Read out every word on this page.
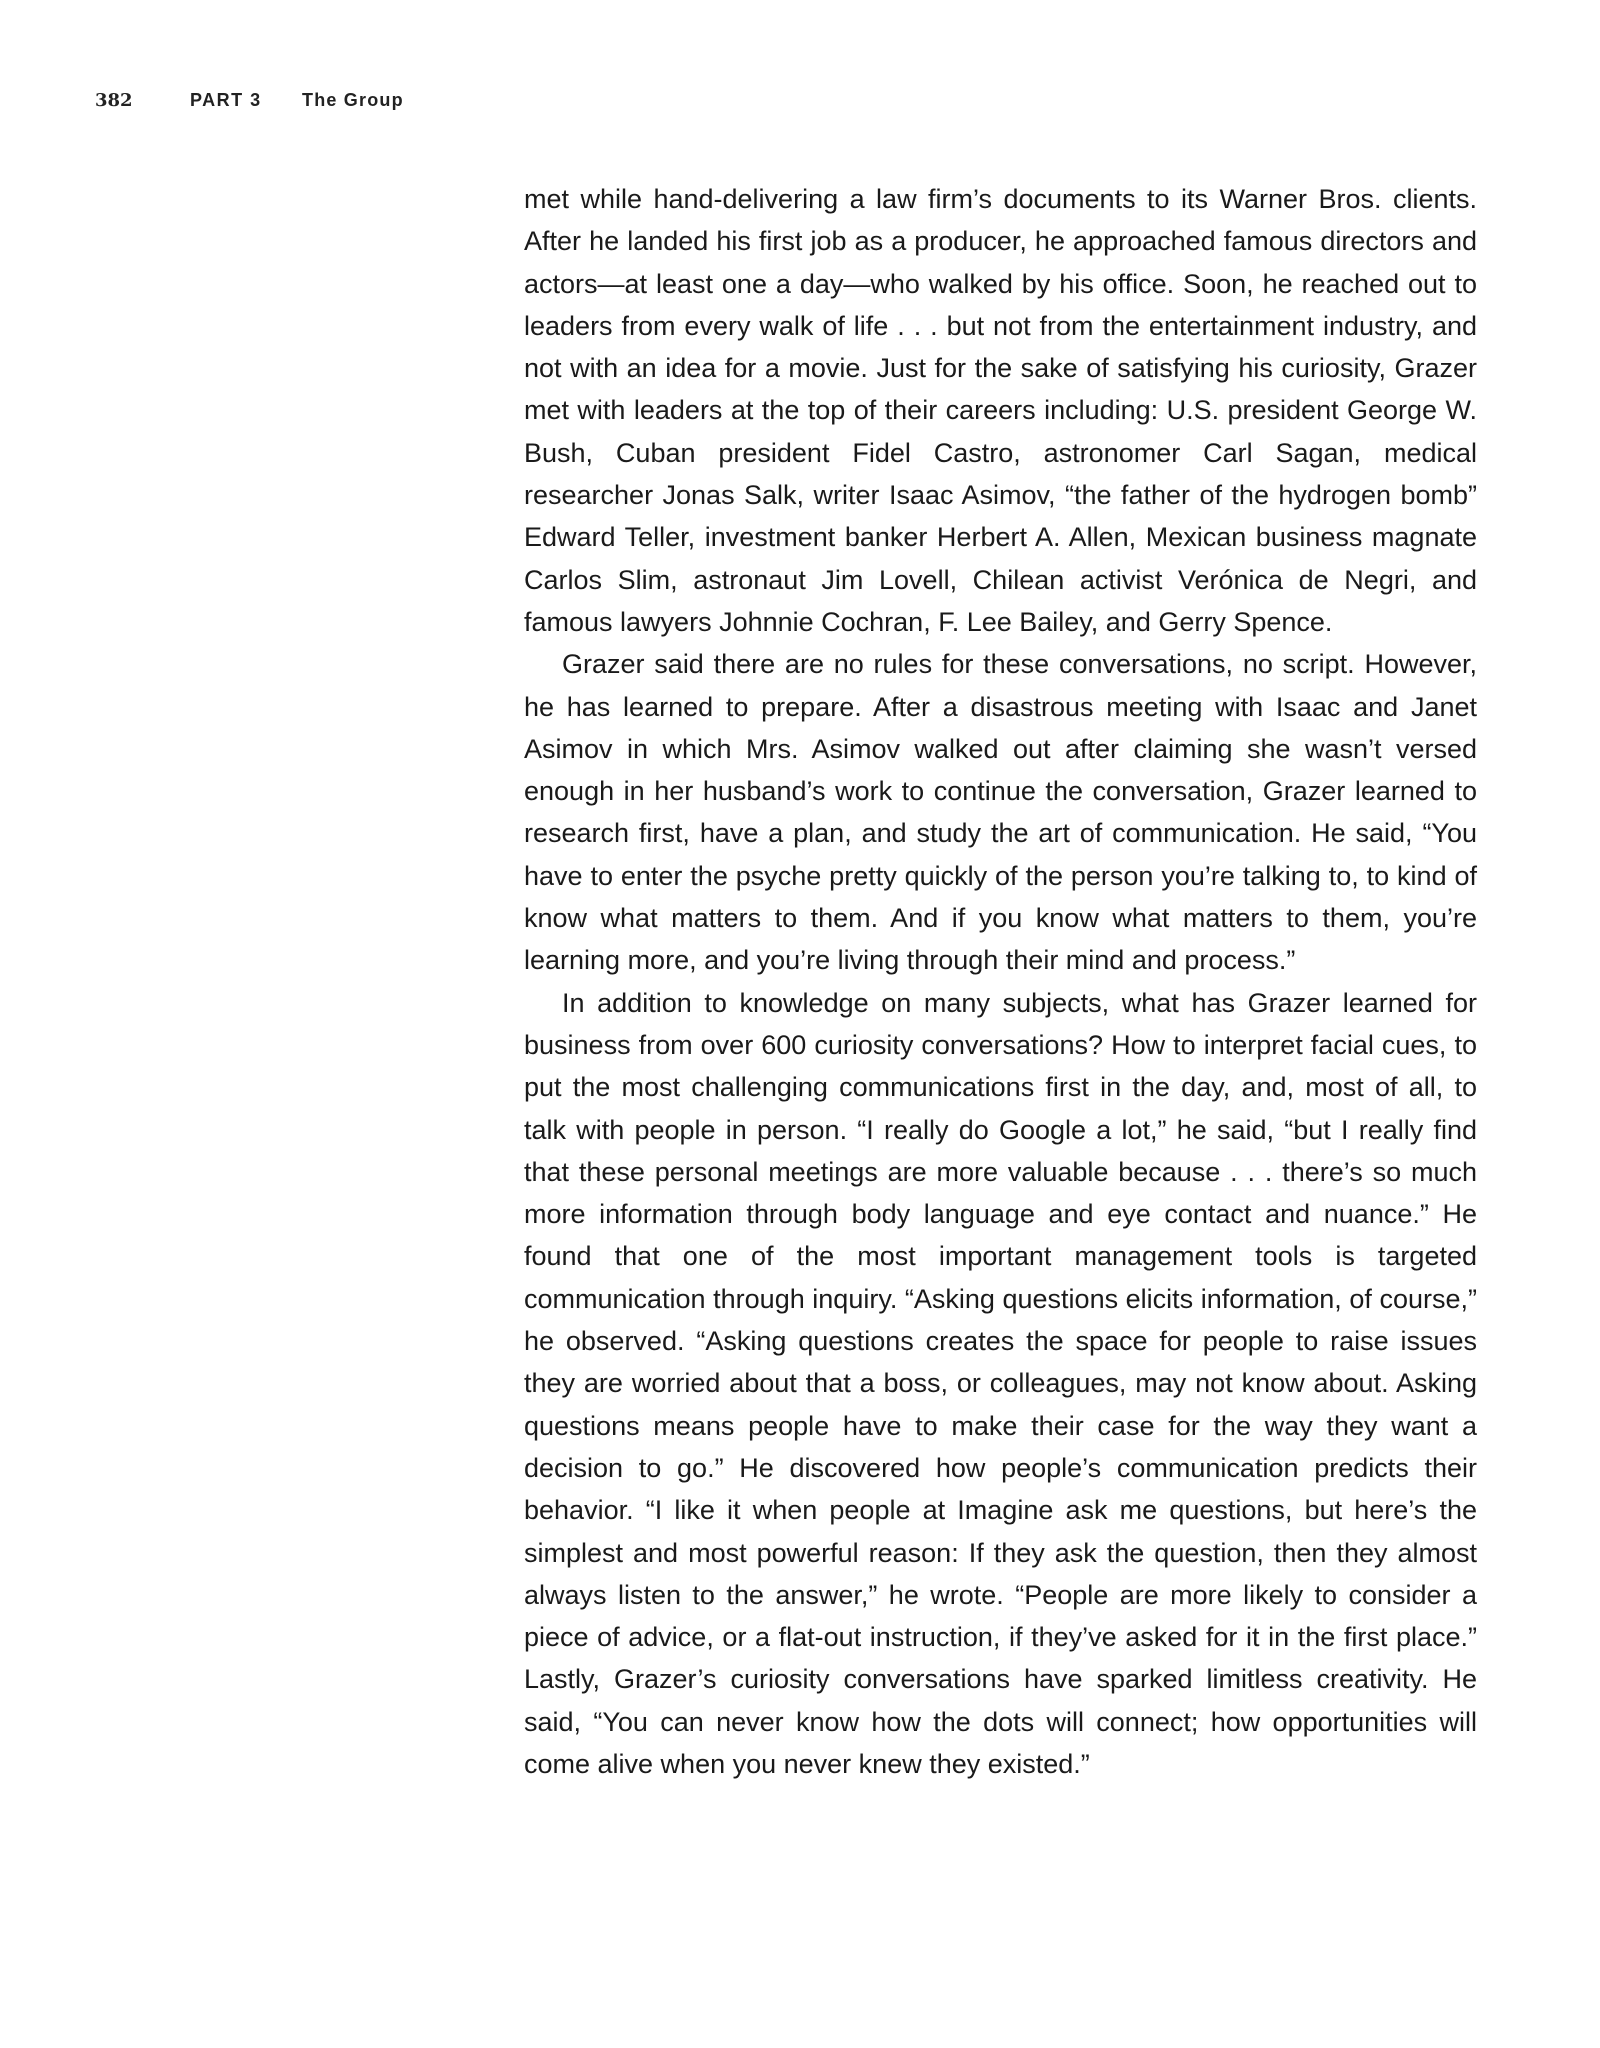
382	PART 3	The Group

met while hand-delivering a law firm’s documents to its Warner Bros. clients. After he landed his first job as a producer, he approached famous directors and actors—at least one a day—who walked by his office. Soon, he reached out to leaders from every walk of life . . . but not from the entertainment industry, and not with an idea for a movie. Just for the sake of satisfying his curiosity, Grazer met with leaders at the top of their careers including: U.S. president George W. Bush, Cuban president Fidel Castro, astronomer Carl Sagan, medical researcher Jonas Salk, writer Isaac Asimov, “the father of the hydrogen bomb” Edward Teller, investment banker Herbert A. Allen, Mexican business magnate Carlos Slim, astronaut Jim Lovell, Chilean activist Verónica de Negri, and famous lawyers Johnnie Cochran, F. Lee Bailey, and Gerry Spence.

Grazer said there are no rules for these conversations, no script. However, he has learned to prepare. After a disastrous meeting with Isaac and Janet Asimov in which Mrs. Asimov walked out after claiming she wasn’t versed enough in her husband’s work to continue the conversation, Grazer learned to research first, have a plan, and study the art of communication. He said, “You have to enter the psyche pretty quickly of the person you’re talking to, to kind of know what matters to them. And if you know what matters to them, you’re learning more, and you’re living through their mind and process.”

In addition to knowledge on many subjects, what has Grazer learned for business from over 600 curiosity conversations? How to interpret facial cues, to put the most challenging communications first in the day, and, most of all, to talk with people in person. “I really do Google a lot,” he said, “but I really find that these personal meetings are more valuable because . . . there’s so much more information through body language and eye contact and nuance.” He found that one of the most important management tools is targeted communication through inquiry. “Asking questions elicits information, of course,” he observed. “Asking questions creates the space for people to raise issues they are worried about that a boss, or colleagues, may not know about. Asking questions means people have to make their case for the way they want a decision to go.” He discovered how people’s communication predicts their behavior. “I like it when people at Imagine ask me questions, but here’s the simplest and most powerful reason: If they ask the question, then they almost always listen to the answer,” he wrote. “People are more likely to consider a piece of advice, or a flat-out instruction, if they’ve asked for it in the first place.” Lastly, Grazer’s curiosity conversations have sparked limitless creativity. He said, “You can never know how the dots will connect; how opportunities will come alive when you never knew they existed.”
